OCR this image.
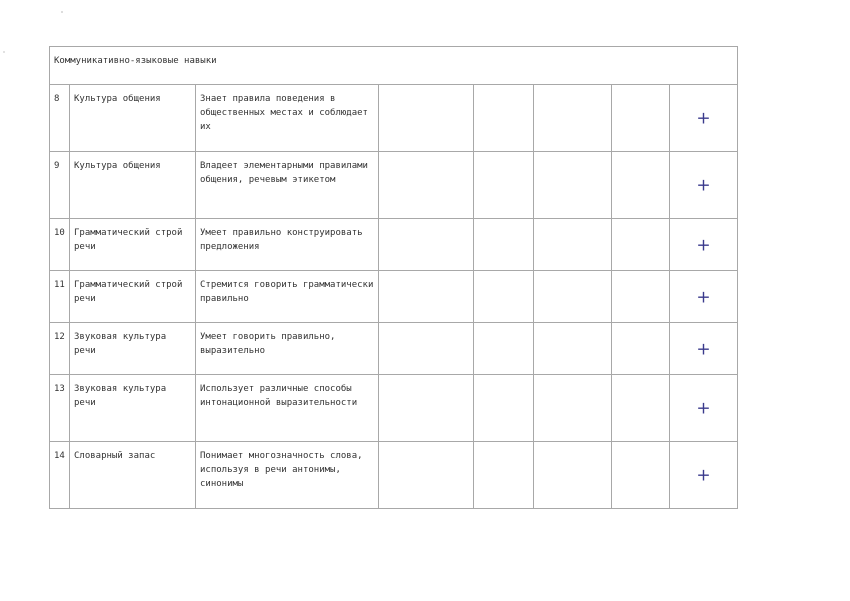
Коммуникативно-языковые навыки							
8	Культура общения	Знает правила поведения в общественных местах и соблюдает их					+

9	Культура общения	Владеет элементарными правилами общения, речевым этикетом					+

10	Грамматический строй речи	Умеет правильно конструировать предложения					+

11	Грамматический строй речи	Стремится говорить грамматически правильно					+

12	Звуковая культура речи	Умеет говорить правильно, выразительно					+

13	Звуковая культура речи	Использует различные способы интонационной выразительности					+

14	Словарный запас	Понимает многозначность слова, используя в речи антонимы, синонимы					+
